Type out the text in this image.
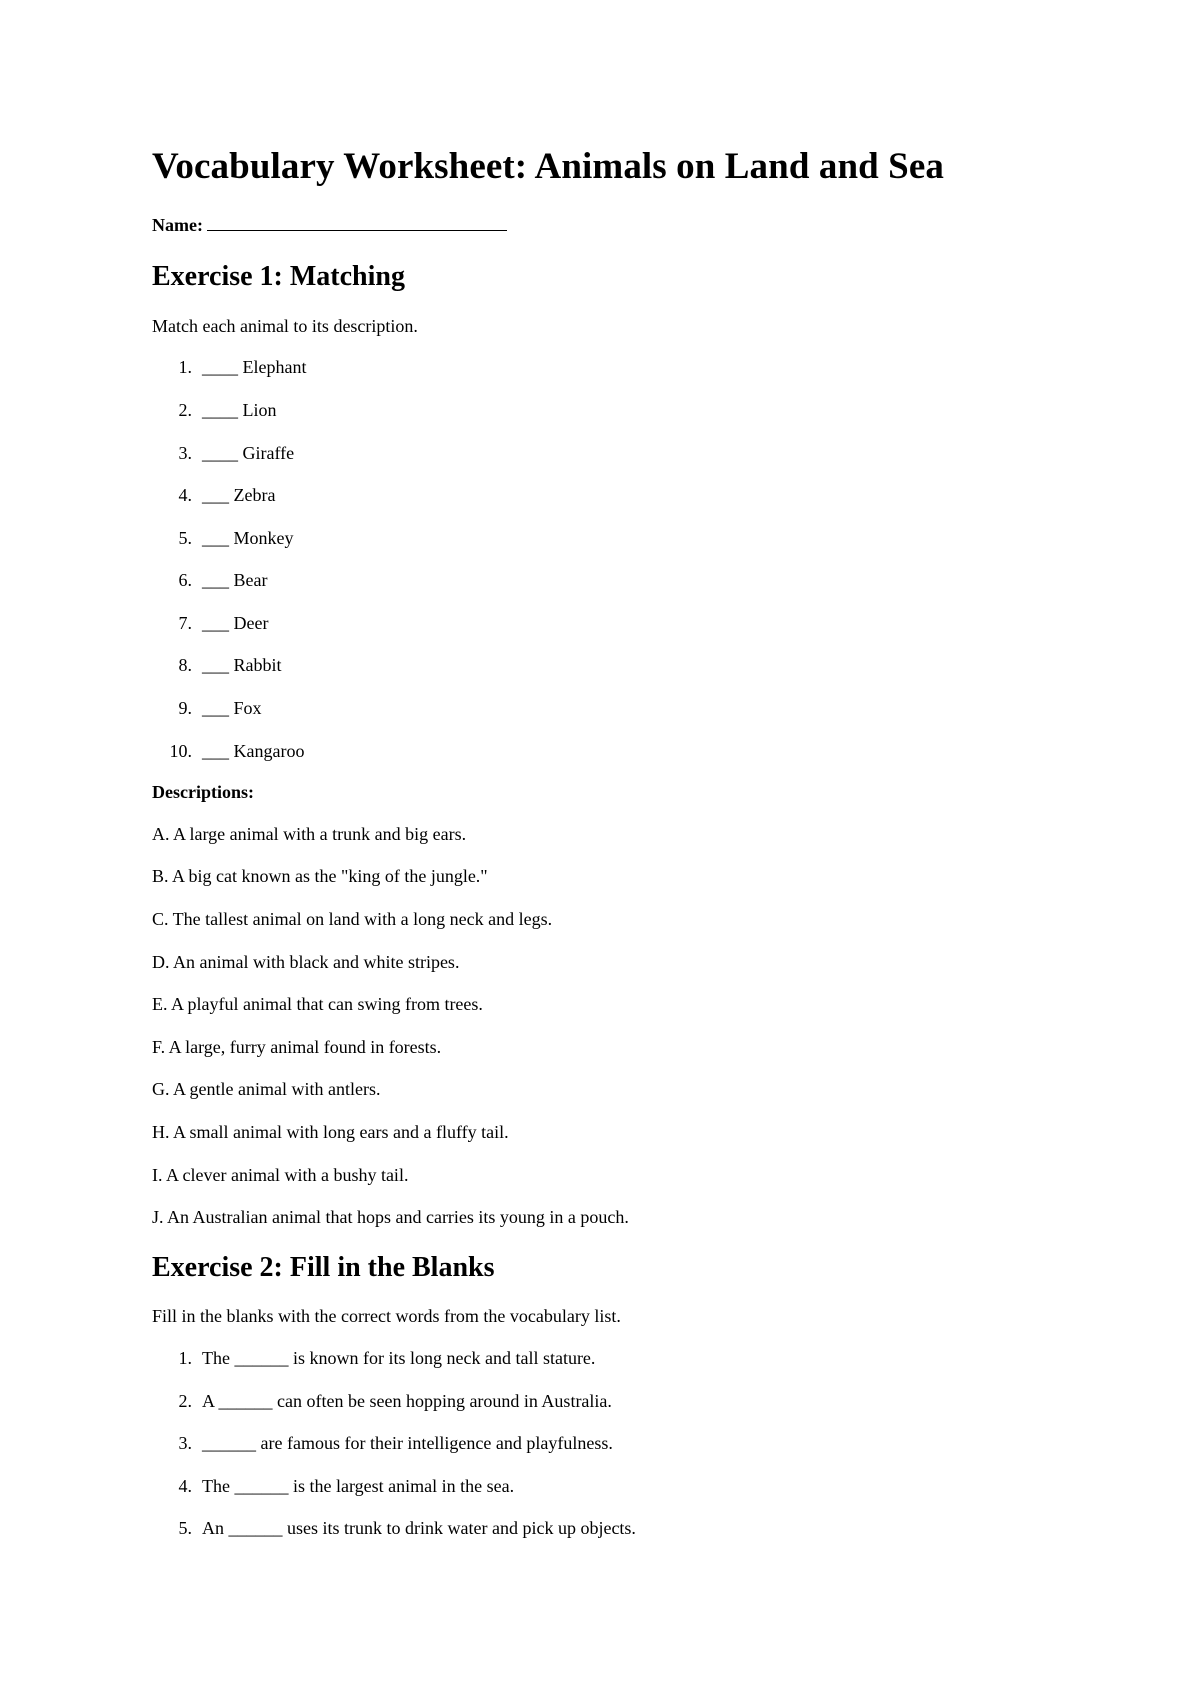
Vocabulary Worksheet: Animals on Land and Sea
Name:
Exercise 1: Matching

Match each animal to its description.

1 . ____ Elephant
2 . ____ Lion
3 . ____ Giraffe
4 . ___ Zebra
5 . ___ Monkey
6 . ___ Bear
7 . ___ Deer
8 . ___ Rabbit
9 . ___ Fox
10 . ___ Kangaroo

Descriptions:

A. A large animal with a trunk and big ears.

B. A big cat known as the "king of the jungle."

C. The tallest animal on land with a long neck and legs.

D. An animal with black and white stripes.

E. A playful animal that can swing from trees.

F. A large, furry animal found in forests.

G. A gentle animal with antlers.

H. A small animal with long ears and a fluffy tail.

I. A clever animal with a bushy tail.

J. An Australian animal that hops and carries its young in a pouch.

Exercise 2: Fill in the Blanks

Fill in the blanks with the correct words from the vocabulary list.

1 . The ______ is known for its long neck and tall stature.
2 . A ______ can often be seen hopping around in Australia.
3 . ______ are famous for their intelligence and playfulness.
4 . The ______ is the largest animal in the sea.
5 . An ______ uses its trunk to drink water and pick up objects.
